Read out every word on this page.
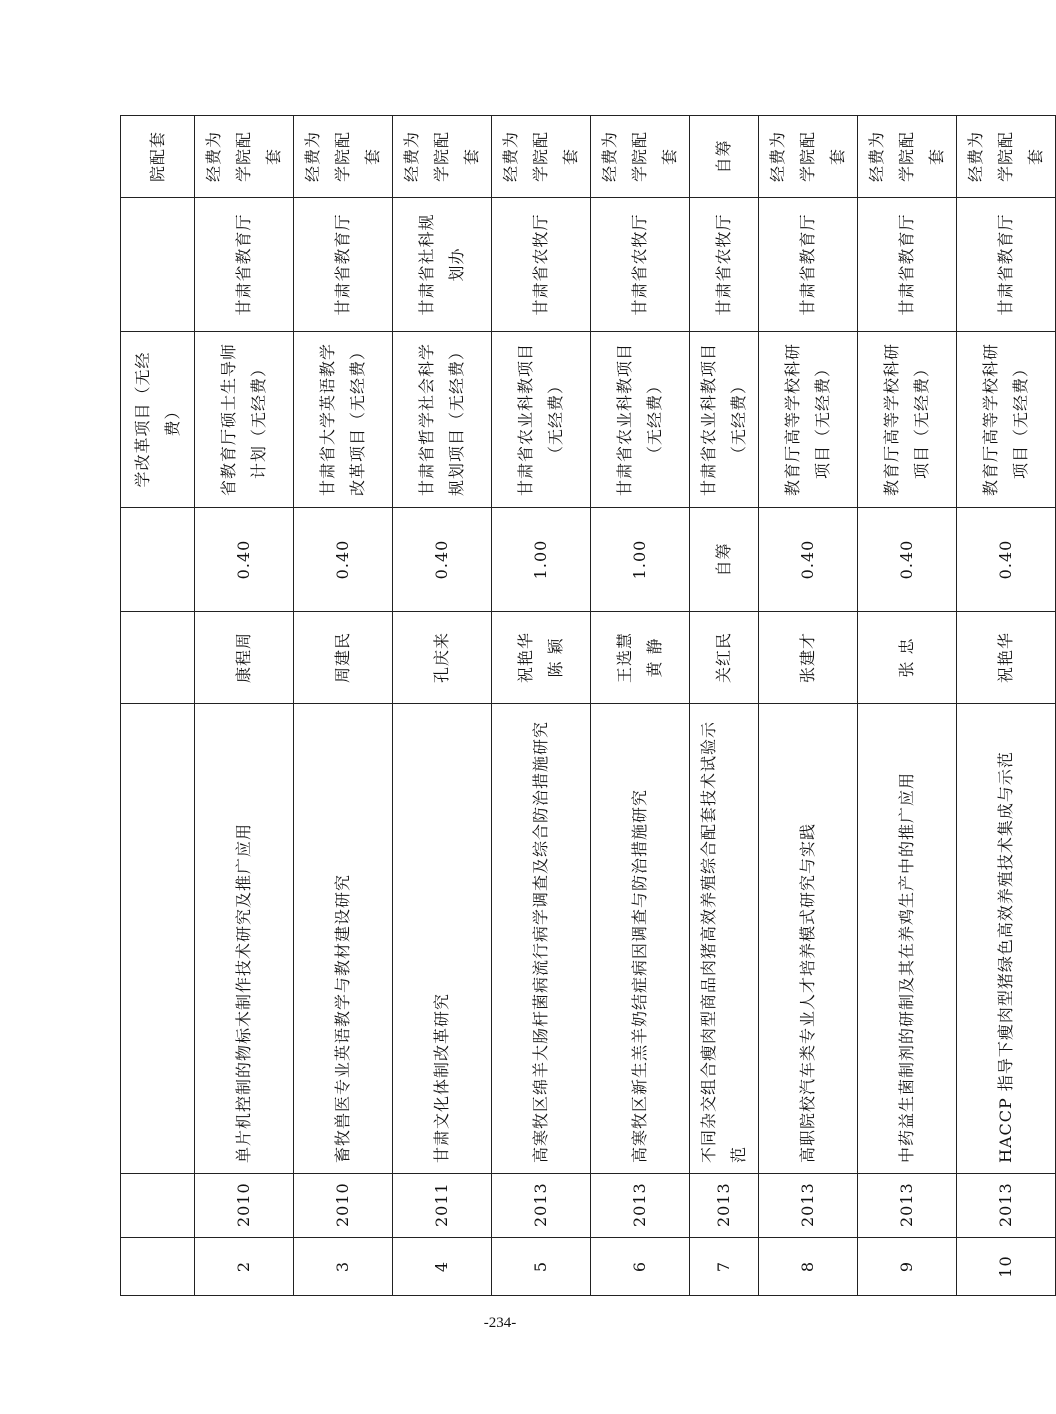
					学改革项目（无经费）		院配套
2	2010	单片机控制的物标木制作技术研究及推广应用	康程周	0.40	省教育厅硕士生导师计划（无经费）	甘肃省教育厅	经费为学院配套
3	2010	畜牧兽医专业英语教学与教材建设研究	周建民	0.40	甘肃省大学英语教学改革项目（无经费）	甘肃省教育厅	经费为学院配套
4	2011	甘肃文化体制改革研究	孔庆来	0.40	甘肃省哲学社会科学规划项目（无经费）	甘肃省社科规划办	经费为学院配套
5	2013	高寒牧区绵羊大肠杆菌病流行病学调查及综合防治措施研究	祝艳华 陈 颖	1.00	甘肃省农业科教项目（无经费）	甘肃省农牧厅	经费为学院配套
6	2013	高寒牧区新生羔羊奶结症病因调查与防治措施研究	王选慧 黄 静	1.00	甘肃省农业科教项目（无经费）	甘肃省农牧厅	经费为学院配套
7	2013	不同杂交组合瘦肉型商品肉猪高效养殖综合配套技术试验示范	关红民	自筹	甘肃省农业科教项目（无经费）	甘肃省农牧厅	自筹
8	2013	高职院校汽车类专业人才培养模式研究与实践	张建才	0.40	教育厅高等学校科研项目（无经费）	甘肃省教育厅	经费为学院配套
9	2013	中药益生菌制剂的研制及其在养鸡生产中的推广应用	张 忠	0.40	教育厅高等学校科研项目（无经费）	甘肃省教育厅	经费为学院配套
10	2013	HACCP 指导下瘦肉型猪绿色高效养殖技术集成与示范	祝艳华	0.40	教育厅高等学校科研项目（无经费）	甘肃省教育厅	经费为学院配套
-234-
